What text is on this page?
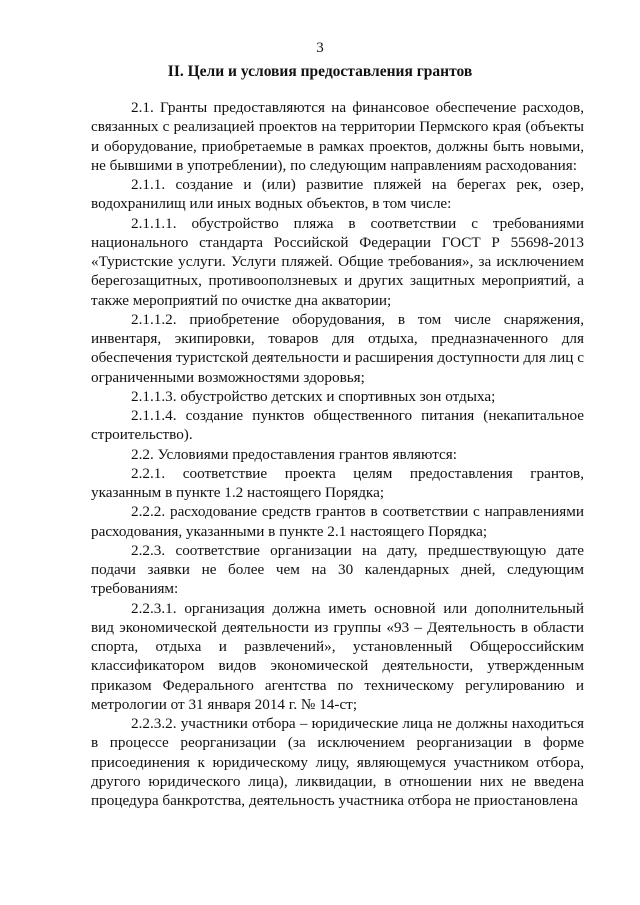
3
II. Цели и условия предоставления грантов

2.1. Гранты предоставляются на финансовое обеспечение расходов, связанных с реализацией проектов на территории Пермского края (объекты и оборудование, приобретаемые в рамках проектов, должны быть новыми, не бывшими в употреблении), по следующим направлениям расходования:

2.1.1. создание и (или) развитие пляжей на берегах рек, озер, водохранилищ или иных водных объектов, в том числе:

2.1.1.1. обустройство пляжа в соответствии с требованиями национального стандарта Российской Федерации ГОСТ Р 55698-2013 «Туристские услуги. Услуги пляжей. Общие требования», за исключением берегозащитных, противооползневых и других защитных мероприятий, а также мероприятий по очистке дна акватории;

2.1.1.2. приобретение оборудования, в том числе снаряжения, инвентаря, экипировки, товаров для отдыха, предназначенного для обеспечения туристской деятельности и расширения доступности для лиц с ограниченными возможностями здоровья;

2.1.1.3. обустройство детских и спортивных зон отдыха;

2.1.1.4. создание пунктов общественного питания (некапитальное строительство).

2.2. Условиями предоставления грантов являются:

2.2.1. соответствие проекта целям предоставления грантов, указанным в пункте 1.2 настоящего Порядка;

2.2.2. расходование средств грантов в соответствии с направлениями расходования, указанными в пункте 2.1 настоящего Порядка;

2.2.3. соответствие организации на дату, предшествующую дате подачи заявки не более чем на 30 календарных дней, следующим требованиям:

2.2.3.1. организация должна иметь основной или дополнительный вид экономической деятельности из группы «93 – Деятельность в области спорта, отдыха и развлечений», установленный Общероссийским классификатором видов экономической деятельности, утвержденным приказом Федерального агентства по техническому регулированию и метрологии от 31 января 2014 г. № 14-ст;

2.2.3.2. участники отбора – юридические лица не должны находиться в процессе реорганизации (за исключением реорганизации в форме присоединения к юридическому лицу, являющемуся участником отбора, другого юридического лица), ликвидации, в отношении них не введена процедура банкротства, деятельность участника отбора не приостановлена
